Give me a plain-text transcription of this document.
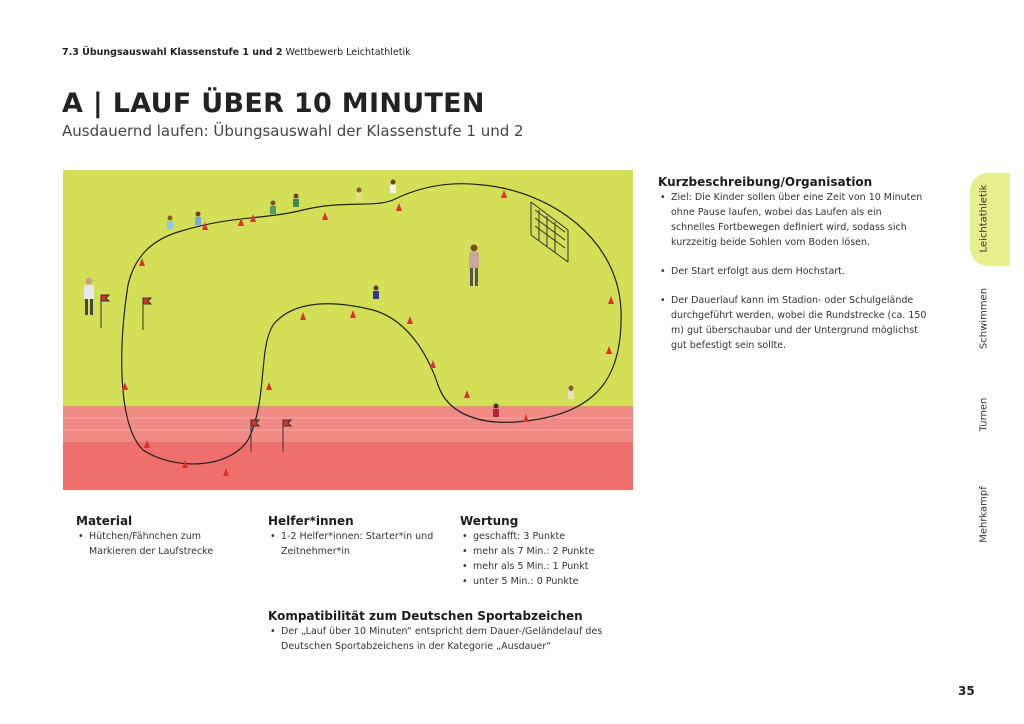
7.3 Übungsauswahl Klassenstufe 1 und 2 Wettbewerb Leichtathletik
A | LAUF ÜBER 10 MINUTEN
Ausdauernd laufen: Übungsauswahl der Klassenstufe 1 und 2
Kurzbeschreibung/Organisation
• Ziel: Die Kinder sollen über eine Zeit von 10 Minuten ohne Pause laufen, wobei das Laufen als ein schnelles Fortbewegen definiert wird, sodass sich kurzzeitig beide Sohlen vom Boden lösen.
• Der Start erfolgt aus dem Hochstart.
• Der Dauerlauf kann im Stadion- oder Schulgelände durchgeführt werden, wobei die Rundstrecke (ca. 150 m) gut überschaubar und der Untergrund möglichst gut befestigt sein sollte.
Material
• Hütchen/Fähnchen zum Markieren der Laufstrecke
Helfer*innen
• 1-2 Helfer*innen: Starter*in und Zeitnehmer*in
Wertung
• geschafft: 3 Punkte
• mehr als 7 Min.: 2 Punkte
• mehr als 5 Min.: 1 Punkt
• unter 5 Min.: 0 Punkte
Kompatibilität zum Deutschen Sportabzeichen
• Der „Lauf über 10 Minuten“ entspricht dem Dauer-/Geländelauf des Deutschen Sportabzeichens in der Kategorie „Ausdauer“
Leichtathletik
Schwimmen
Turnen
Mehrkampf
35
